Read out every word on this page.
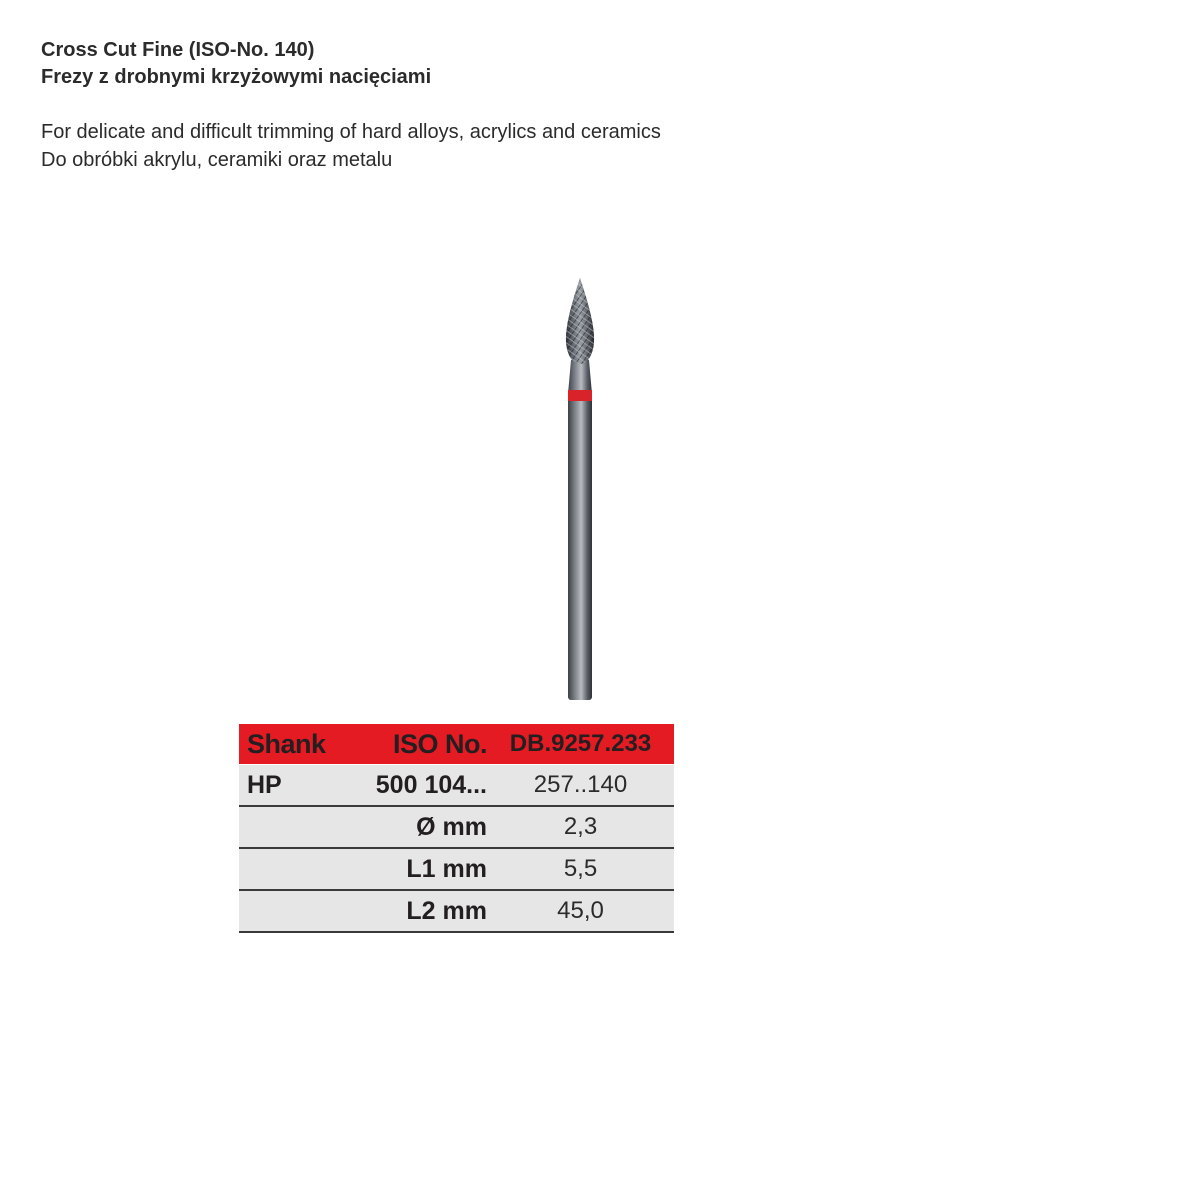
Cross Cut Fine (ISO-No. 140)
Frezy z drobnymi krzyżowymi nacięciami
For delicate and difficult trimming of hard alloys, acrylics and ceramics
Do obróbki akrylu, ceramiki oraz metalu
Shank	ISO No.	DB.9257.233
HP	500 104...	257..140
	Ø mm	2,3
	L1 mm	5,5
	L2 mm	45,0
